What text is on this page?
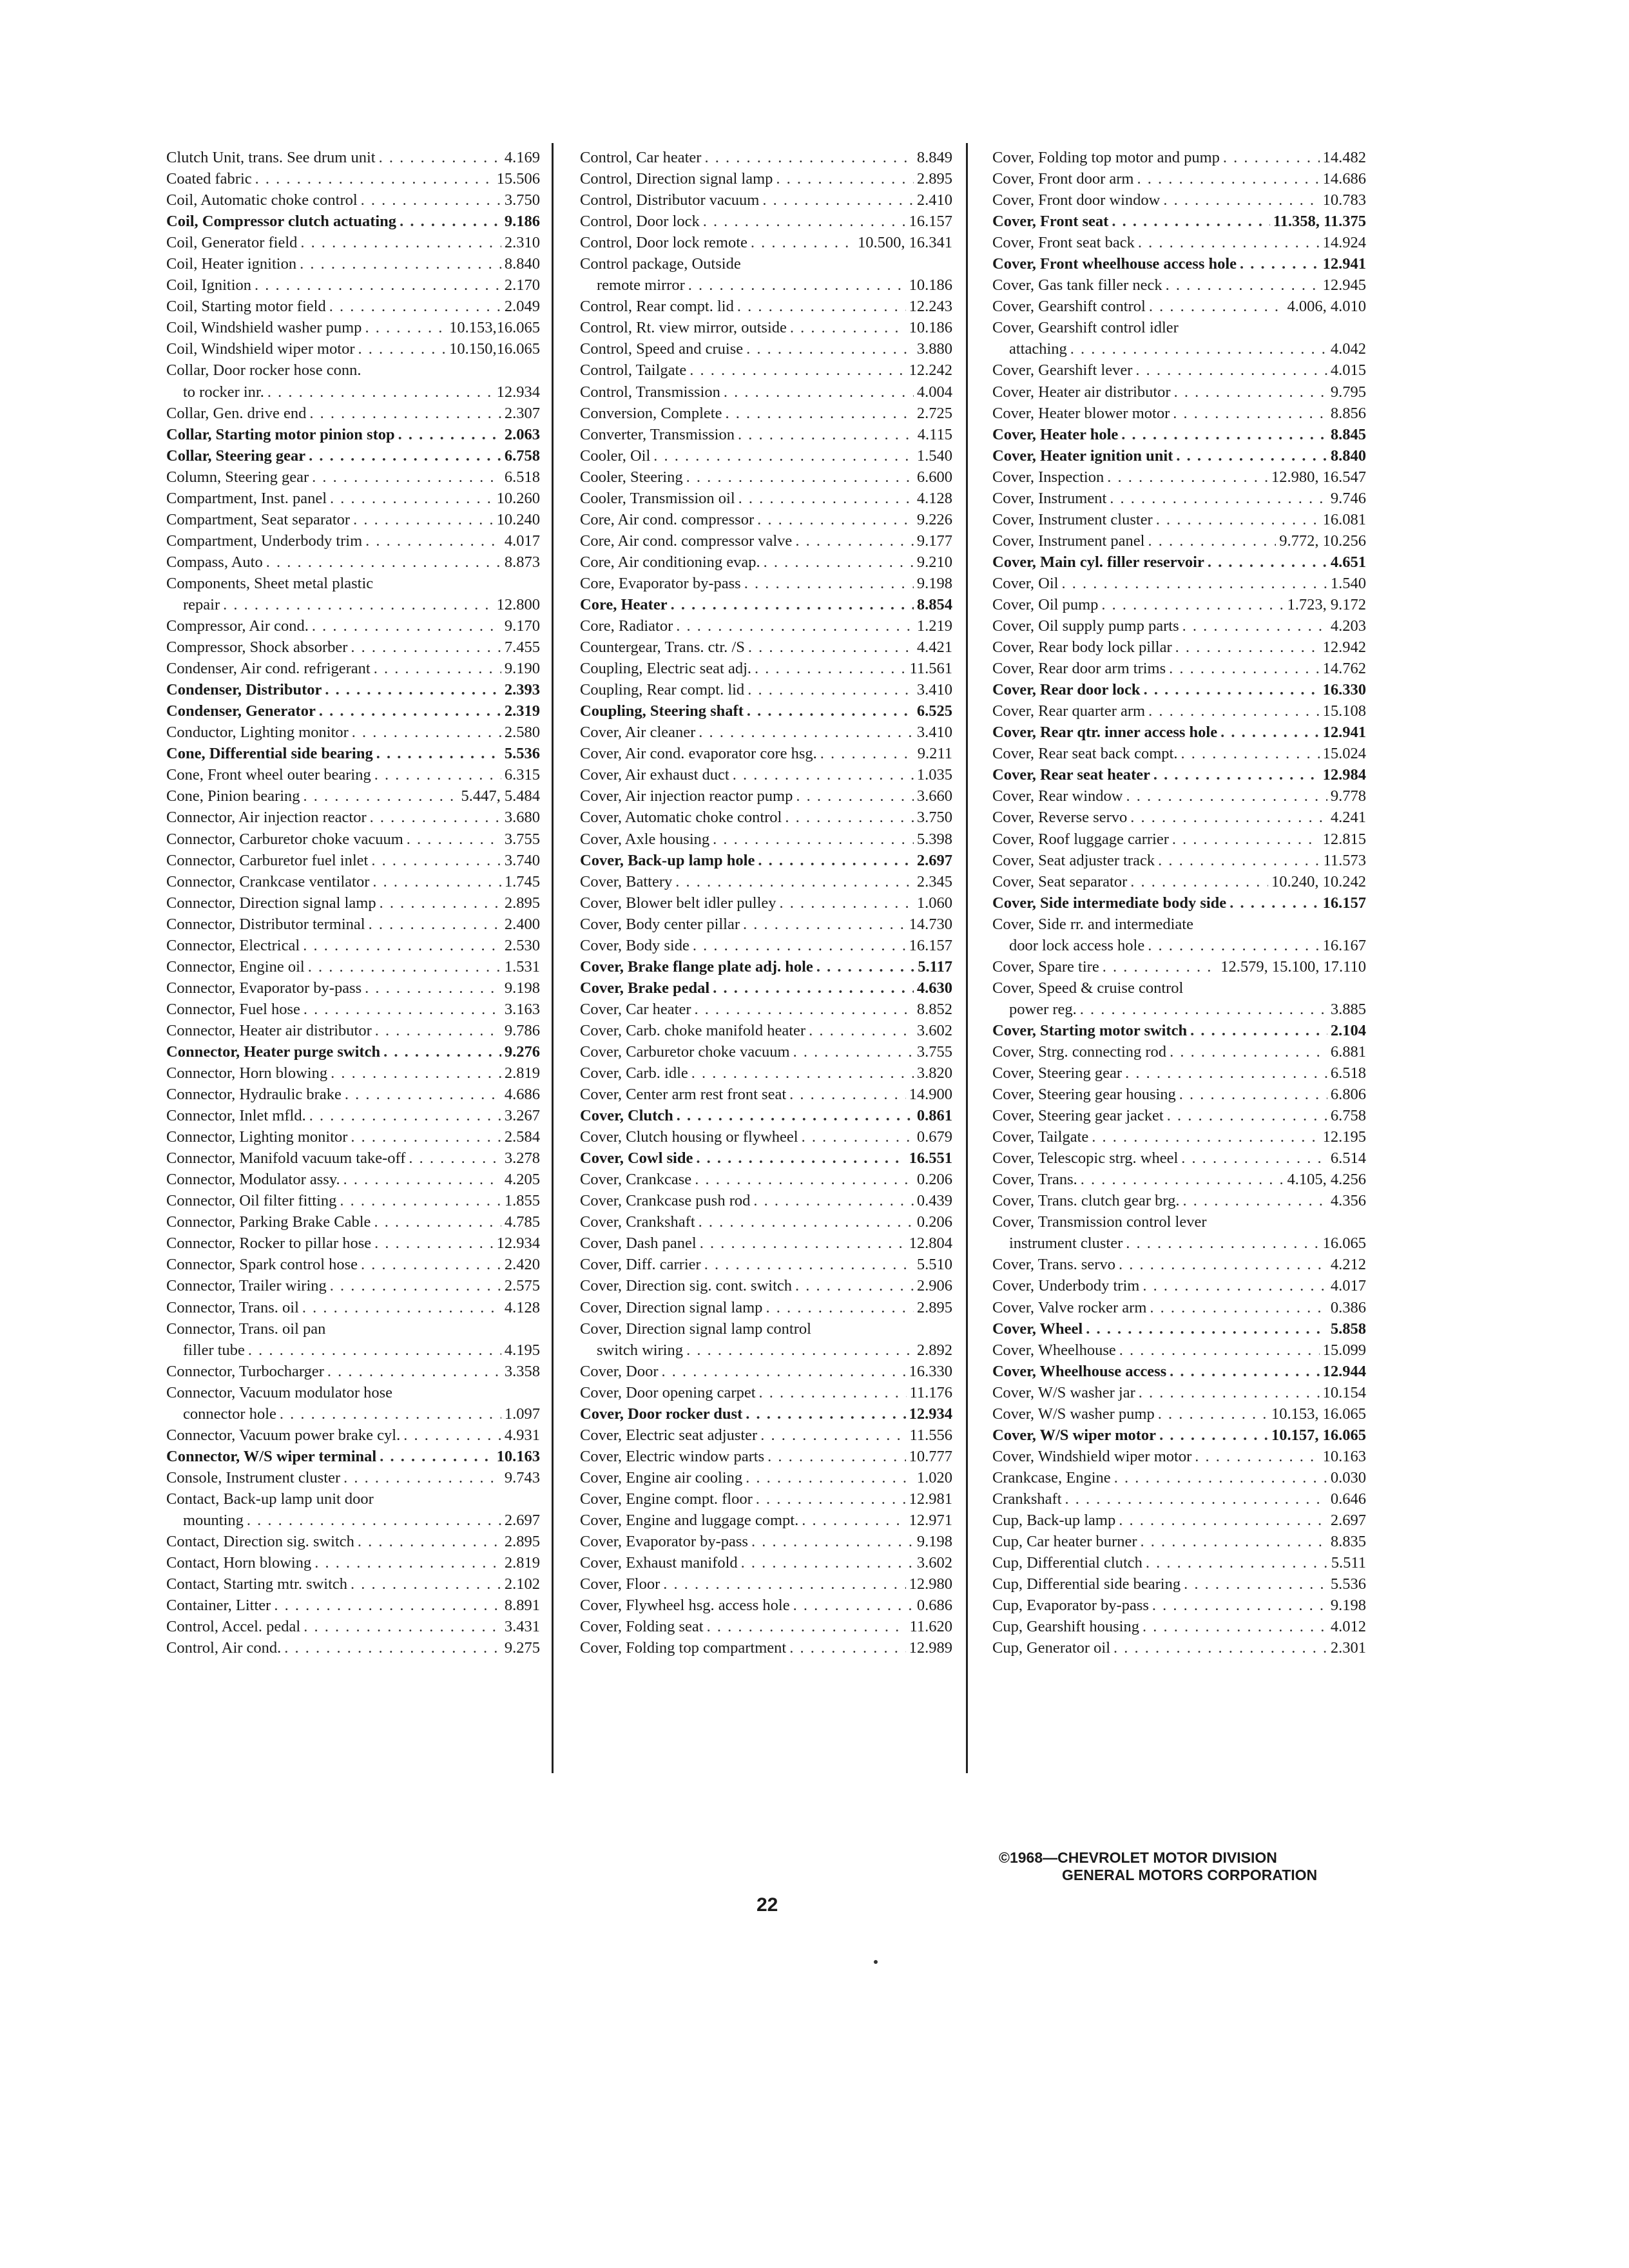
Clutch Unit, trans. See drum unit . . .	4.169
Coated fabric . . .	15.506
Coil, Automatic choke control . . .	3.750
Coil, Compressor clutch actuating . . .	9.186
Coil, Generator field . . .	2.310
Coil, Heater ignition . . .	8.840
Coil, Ignition . . .	2.170
Coil, Starting motor field . . .	2.049
Coil, Windshield washer pump . . .	10.153,16.065
Coil, Windshield wiper motor . . .	10.150,16.065
Collar, Door rocker hose conn.
to rocker inr. . . .	12.934
Collar, Gen. drive end . . .	2.307
Collar, Starting motor pinion stop . . .	2.063
Collar, Steering gear . . .	6.758
Column, Steering gear . . .	6.518
Compartment, Inst. panel . . .	10.260
Compartment, Seat separator . . .	10.240
Compartment, Underbody trim . . .	4.017
Compass, Auto . . .	8.873
Components, Sheet metal plastic
repair . . .	12.800
Compressor, Air cond. . . .	9.170
Compressor, Shock absorber . . .	7.455
Condenser, Air cond. refrigerant . . .	9.190
Condenser, Distributor . . .	2.393
Condenser, Generator . . .	2.319
Conductor, Lighting monitor . . .	2.580
Cone, Differential side bearing . . .	5.536
Cone, Front wheel outer bearing . . .	6.315
Cone, Pinion bearing . . .	5.447, 5.484
Connector, Air injection reactor . . .	3.680
Connector, Carburetor choke vacuum . . .	3.755
Connector, Carburetor fuel inlet . . .	3.740
Connector, Crankcase ventilator . . .	1.745
Connector, Direction signal lamp . . .	2.895
Connector, Distributor terminal . . .	2.400
Connector, Electrical . . .	2.530
Connector, Engine oil . . .	1.531
Connector, Evaporator by-pass . . .	9.198
Connector, Fuel hose . . .	3.163
Connector, Heater air distributor . . .	9.786
Connector, Heater purge switch . . .	9.276
Connector, Horn blowing . . .	2.819
Connector, Hydraulic brake . . .	4.686
Connector, Inlet mfld. . . .	3.267
Connector, Lighting monitor . . .	2.584
Connector, Manifold vacuum take-off . . .	3.278
Connector, Modulator assy. . . .	4.205
Connector, Oil filter fitting . . .	1.855
Connector, Parking Brake Cable . . .	4.785
Connector, Rocker to pillar hose . . .	12.934
Connector, Spark control hose . . .	2.420
Connector, Trailer wiring . . .	2.575
Connector, Trans. oil . . .	4.128
Connector, Trans. oil pan
filler tube . . .	4.195
Connector, Turbocharger . . .	3.358
Connector, Vacuum modulator hose
connector hole . . .	1.097
Connector, Vacuum power brake cyl. . . .	4.931
Connector, W/S wiper terminal . . .	10.163
Console, Instrument cluster . . .	9.743
Contact, Back-up lamp unit door
mounting . . .	2.697
Contact, Direction sig. switch . . .	2.895
Contact, Horn blowing . . .	2.819
Contact, Starting mtr. switch . . .	2.102
Container, Litter . . .	8.891
Control, Accel. pedal . . .	3.431
Control, Air cond. . . .	9.275
Control, Car heater . . .	8.849
Control, Direction signal lamp . . .	2.895
Control, Distributor vacuum . . .	2.410
Control, Door lock . . .	16.157
Control, Door lock remote . . .	10.500, 16.341
Control package, Outside
remote mirror . . .	10.186
Control, Rear compt. lid . . .	12.243
Control, Rt. view mirror, outside . . .	10.186
Control, Speed and cruise . . .	3.880
Control, Tailgate . . .	12.242
Control, Transmission . . .	4.004
Conversion, Complete . . .	2.725
Converter, Transmission . . .	4.115
Cooler, Oil . . .	1.540
Cooler, Steering . . .	6.600
Cooler, Transmission oil . . .	4.128
Core, Air cond. compressor . . .	9.226
Core, Air cond. compressor valve . . .	9.177
Core, Air conditioning evap. . . .	9.210
Core, Evaporator by-pass . . .	9.198
Core, Heater . . .	8.854
Core, Radiator . . .	1.219
Countergear, Trans. ctr. /S . . .	4.421
Coupling, Electric seat adj. . . .	11.561
Coupling, Rear compt. lid . . .	3.410
Coupling, Steering shaft . . .	6.525
Cover, Air cleaner . . .	3.410
Cover, Air cond. evaporator core hsg. . . .	9.211
Cover, Air exhaust duct . . .	1.035
Cover, Air injection reactor pump . . .	3.660
Cover, Automatic choke control . . .	3.750
Cover, Axle housing . . .	5.398
Cover, Back-up lamp hole . . .	2.697
Cover, Battery . . .	2.345
Cover, Blower belt idler pulley . . .	1.060
Cover, Body center pillar . . .	14.730
Cover, Body side . . .	16.157
Cover, Brake flange plate adj. hole . . .	5.117
Cover, Brake pedal . . .	4.630
Cover, Car heater . . .	8.852
Cover, Carb. choke manifold heater . . .	3.602
Cover, Carburetor choke vacuum . . .	3.755
Cover, Carb. idle . . .	3.820
Cover, Center arm rest front seat . . .	14.900
Cover, Clutch . . .	0.861
Cover, Clutch housing or flywheel . . .	0.679
Cover, Cowl side . . .	16.551
Cover, Crankcase . . .	0.206
Cover, Crankcase push rod . . .	0.439
Cover, Crankshaft . . .	0.206
Cover, Dash panel . . .	12.804
Cover, Diff. carrier . . .	5.510
Cover, Direction sig. cont. switch . . .	2.906
Cover, Direction signal lamp . . .	2.895
Cover, Direction signal lamp control
switch wiring . . .	2.892
Cover, Door . . .	16.330
Cover, Door opening carpet . . .	11.176
Cover, Door rocker dust . . .	12.934
Cover, Electric seat adjuster . . .	11.556
Cover, Electric window parts . . .	10.777
Cover, Engine air cooling . . .	1.020
Cover, Engine compt. floor . . .	12.981
Cover, Engine and luggage compt. . . .	12.971
Cover, Evaporator by-pass . . .	9.198
Cover, Exhaust manifold . . .	3.602
Cover, Floor . . .	12.980
Cover, Flywheel hsg. access hole . . .	0.686
Cover, Folding seat . . .	11.620
Cover, Folding top compartment . . .	12.989
Cover, Folding top motor and pump . . .	14.482
Cover, Front door arm . . .	14.686
Cover, Front door window . . .	10.783
Cover, Front seat . . .	11.358, 11.375
Cover, Front seat back . . .	14.924
Cover, Front wheelhouse access hole . . .	12.941
Cover, Gas tank filler neck . . .	12.945
Cover, Gearshift control . . .	4.006, 4.010
Cover, Gearshift control idler
attaching . . .	4.042
Cover, Gearshift lever . . .	4.015
Cover, Heater air distributor . . .	9.795
Cover, Heater blower motor . . .	8.856
Cover, Heater hole . . .	8.845
Cover, Heater ignition unit . . .	8.840
Cover, Inspection . . .	12.980, 16.547
Cover, Instrument . . .	9.746
Cover, Instrument cluster . . .	16.081
Cover, Instrument panel . . .	9.772, 10.256
Cover, Main cyl. filler reservoir . . .	4.651
Cover, Oil . . .	1.540
Cover, Oil pump . . .	1.723, 9.172
Cover, Oil supply pump parts . . .	4.203
Cover, Rear body lock pillar . . .	12.942
Cover, Rear door arm trims . . .	14.762
Cover, Rear door lock . . .	16.330
Cover, Rear quarter arm . . .	15.108
Cover, Rear qtr. inner access hole . . .	12.941
Cover, Rear seat back compt. . . .	15.024
Cover, Rear seat heater . . .	12.984
Cover, Rear window . . .	9.778
Cover, Reverse servo . . .	4.241
Cover, Roof luggage carrier . . .	12.815
Cover, Seat adjuster track . . .	11.573
Cover, Seat separator . . .	10.240, 10.242
Cover, Side intermediate body side . . .	16.157
Cover, Side rr. and intermediate
door lock access hole . . .	16.167
Cover, Spare tire . . .	12.579, 15.100, 17.110
Cover, Speed & cruise control
power reg. . . .	3.885
Cover, Starting motor switch . . .	2.104
Cover, Strg. connecting rod . . .	6.881
Cover, Steering gear . . .	6.518
Cover, Steering gear housing . . .	6.806
Cover, Steering gear jacket . . .	6.758
Cover, Tailgate . . .	12.195
Cover, Telescopic strg. wheel . . .	6.514
Cover, Trans. . . .	4.105, 4.256
Cover, Trans. clutch gear brg. . . .	4.356
Cover, Transmission control lever
instrument cluster . . .	16.065
Cover, Trans. servo . . .	4.212
Cover, Underbody trim . . .	4.017
Cover, Valve rocker arm . . .	0.386
Cover, Wheel . . .	5.858
Cover, Wheelhouse . . .	15.099
Cover, Wheelhouse access . . .	12.944
Cover, W/S washer jar . . .	10.154
Cover, W/S washer pump . . .	10.153, 16.065
Cover, W/S wiper motor . . .	10.157, 16.065
Cover, Windshield wiper motor . . .	10.163
Crankcase, Engine . . .	0.030
Crankshaft . . .	0.646
Cup, Back-up lamp . . .	2.697
Cup, Car heater burner . . .	8.835
Cup, Differential clutch . . .	5.511
Cup, Differential side bearing . . .	5.536
Cup, Evaporator by-pass . . .	9.198
Cup, Gearshift housing . . .	4.012
Cup, Generator oil . . .	2.301
22
©1968—CHEVROLET MOTOR DIVISION
GENERAL MOTORS CORPORATION
